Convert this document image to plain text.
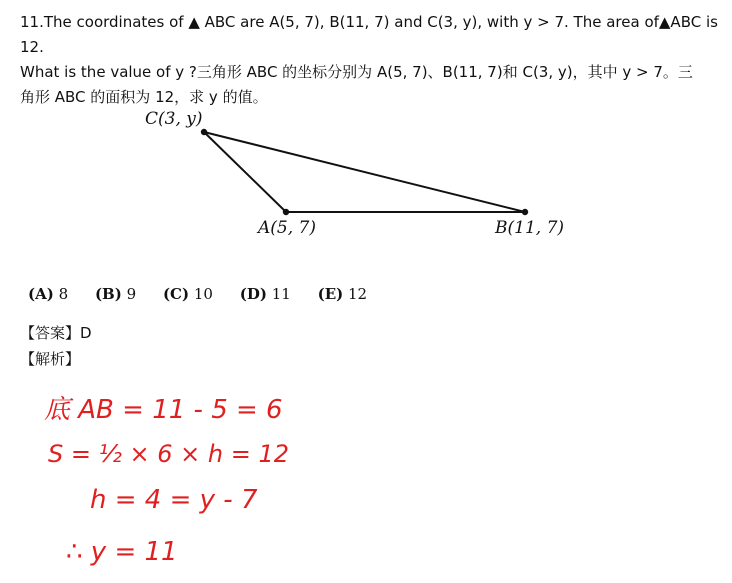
11.The coordinates of ▲ ABC are A(5, 7), B(11, 7) and C(3, y), with y > 7. The area of▲ABC is 12.

What is the value of y ?三角形 ABC 的坐标分别为 A(5, 7)、B(11, 7)和 C(3, y)，其中 y > 7。三

角形 ABC 的面积为 12，求 y 的值。

C(3, y)
A(5, 7)	B(11, 7)
(A) 8 (B) 9 (C) 10 (D) 11 (E) 12
【答案】D
【解析】
底 AB = 11 - 5 = 6
S = ½ × 6 × h = 12
h = 4 = y - 7
∴ y = 11
